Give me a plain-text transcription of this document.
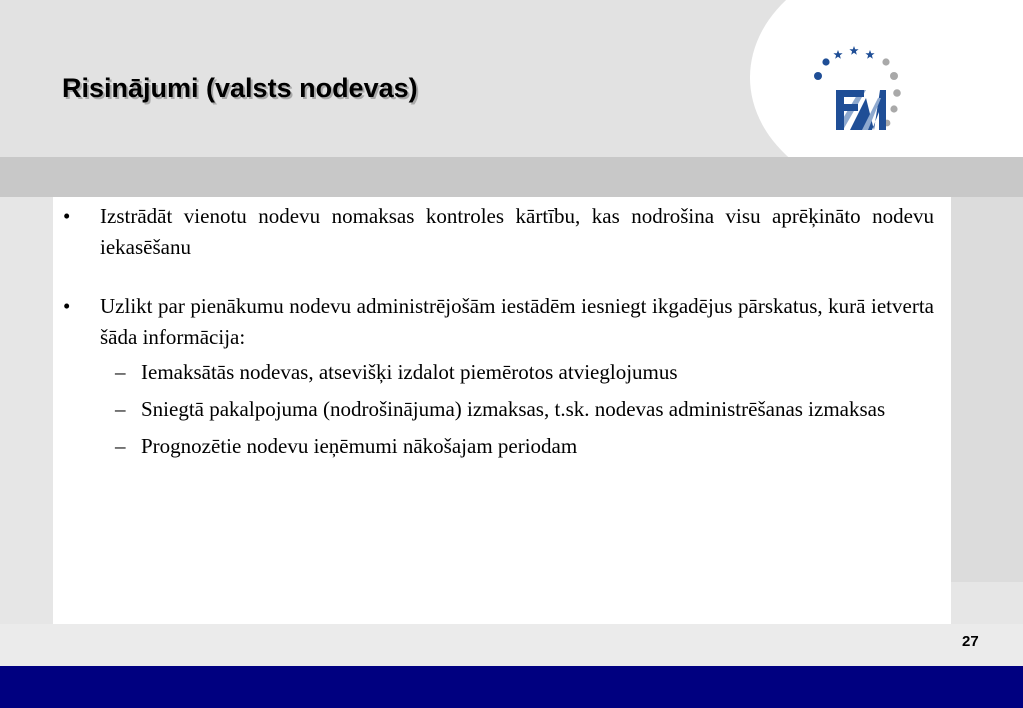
Risinājumi (valsts nodevas)
• Izstrādāt vienotu nodevu nomaksas kontroles kārtību, kas nodrošina visu aprēķināto nodevu iekasēšanu
• Uzlikt par pienākumu nodevu administrējošām iestādēm iesniegt ikgadējus pārskatus, kurā ietverta šāda informācija:
– Iemaksātās nodevas, atsevišķi izdalot piemērotos atvieglojumus
– Sniegtā pakalpojuma (nodrošinājuma) izmaksas, t.sk. nodevas administrēšanas izmaksas
– Prognozētie nodevu ieņēmumi nākošajam periodam
27
